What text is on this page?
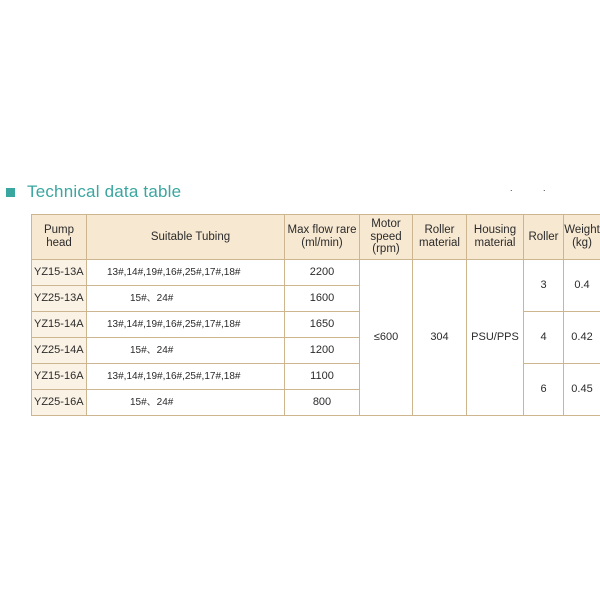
Technical data table	. .
Pump head	Suitable Tubing	Max flow rare (ml/min)	Motor speed (rpm)	Roller material	Housing material	Roller	Weight (kg)
YZ15-13A	13#,14#,19#,16#,25#,17#,18#	2200	≤600	304	PSU/PPS	3	0.4
YZ25-13A	15#、24#	1600					
YZ15-14A	13#,14#,19#,16#,25#,17#,18#	1650				4	0.42
YZ25-14A	15#、24#	1200					
YZ15-16A	13#,14#,19#,16#,25#,17#,18#	1100				6	0.45
YZ25-16A	15#、24#	800					
